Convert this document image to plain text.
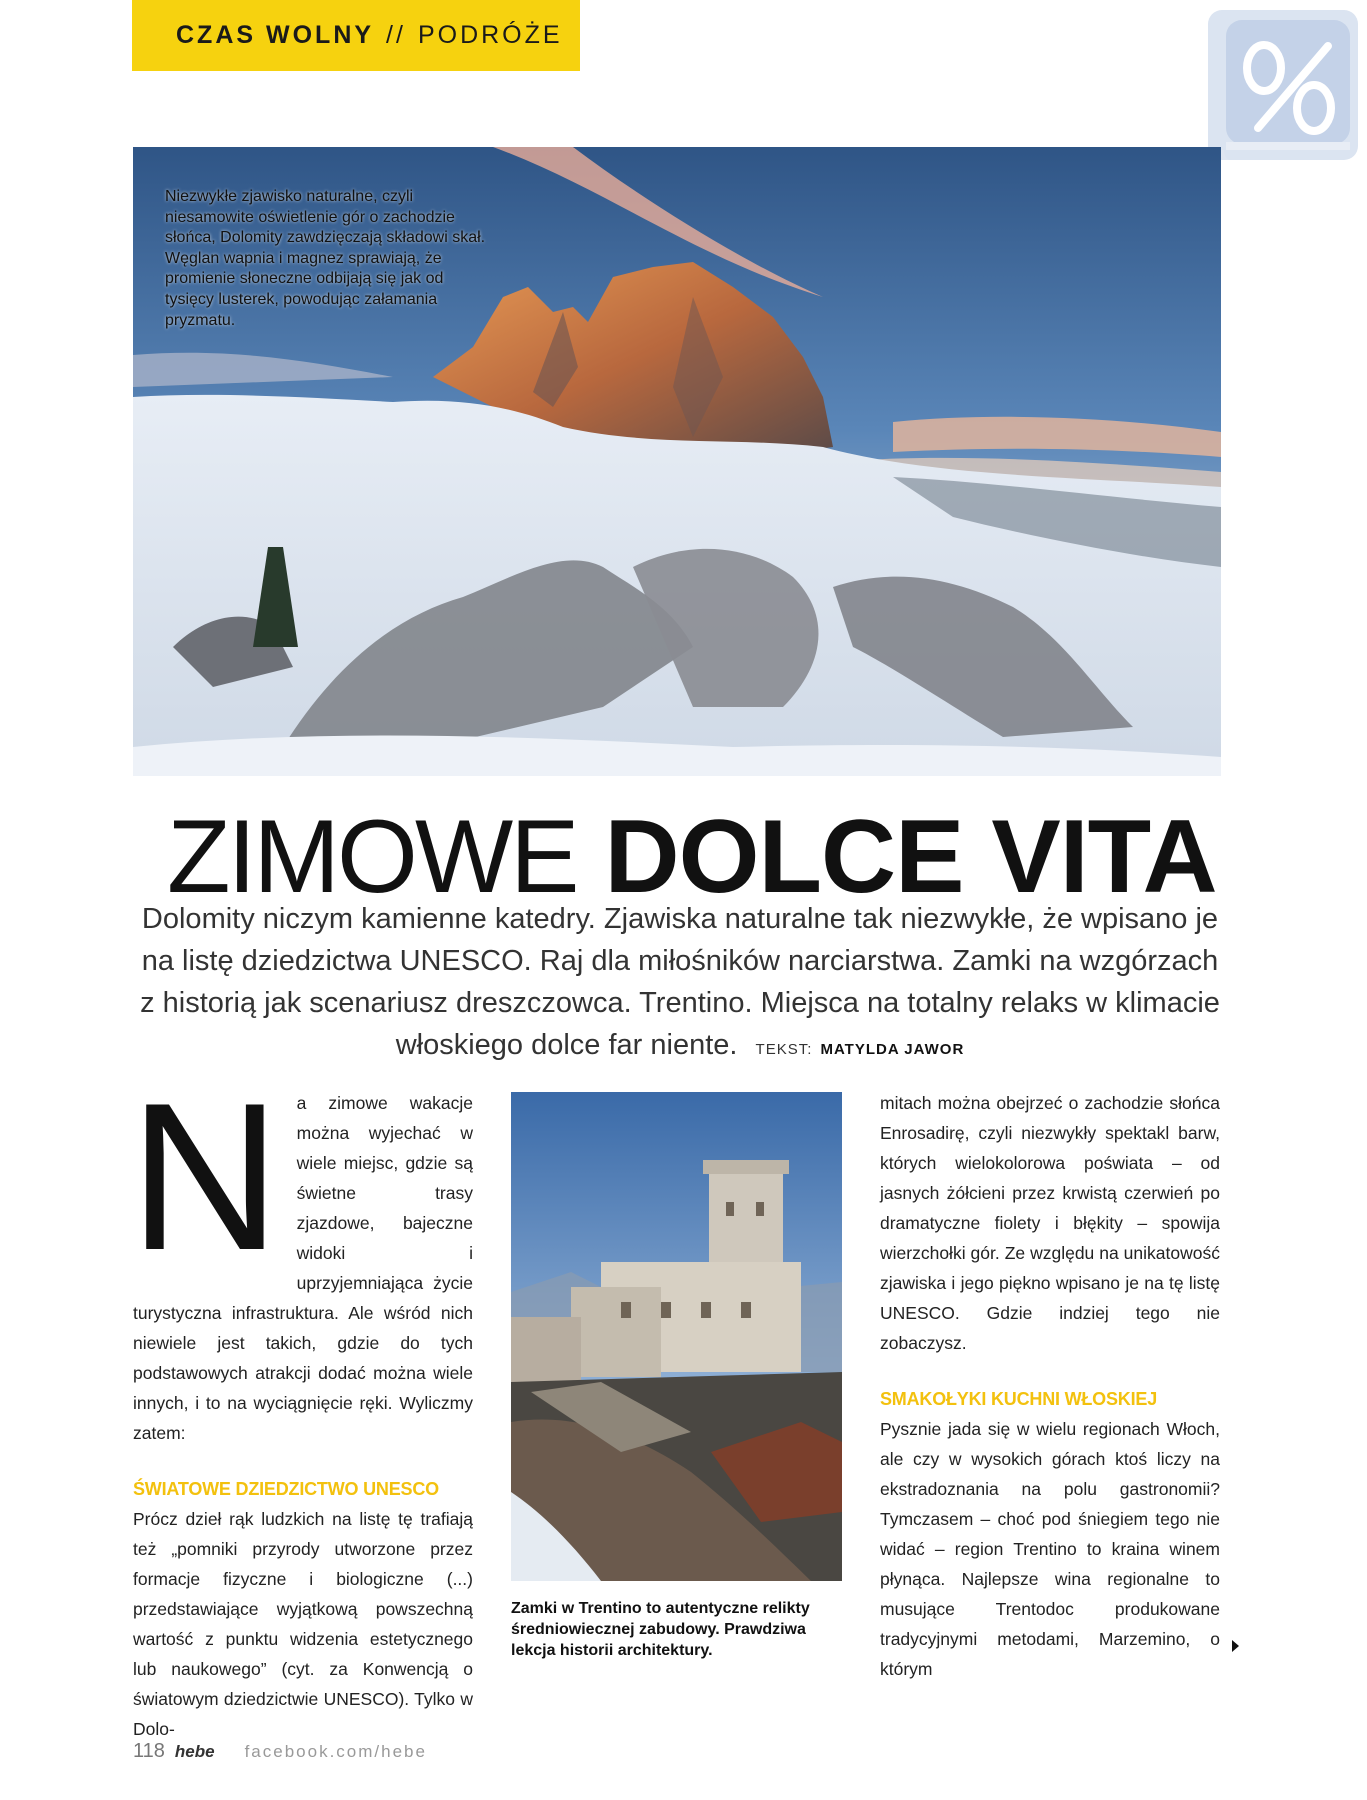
CZAS WOLNY // PODRÓŻE
Niezwykłe zjawisko naturalne, czyli niesamowite oświetlenie gór o zachodzie słońca, Dolomity zawdzięczają składowi skał. Węglan wapnia i magnez sprawiają, że promienie słoneczne odbijają się jak od tysięcy lusterek, powodując załamania pryzmatu.
ZIMOWE DOLCE VITA
Dolomity niczym kamienne katedry. Zjawiska naturalne tak niezwykłe, że wpisano je na listę dziedzictwa UNESCO. Raj dla miłośników narciarstwa. Zamki na wzgórzach z historią jak scenariusz dreszczowca. Trentino. Miejsca na totalny relaks w klimacie włoskiego dolce far niente. TEKST: MATYLDA JAWOR

Na zimowe wakacje można wyjechać w wiele miejsc, gdzie są świetne trasy zjazdowe, bajeczne widoki i uprzyjemniająca życie turystyczna infrastruktura. Ale wśród nich niewiele jest takich, gdzie do tych podstawowych atrakcji dodać można wiele innych, i to na wyciągnięcie ręki. Wyliczmy zatem:

ŚWIATOWE DZIEDZICTWO UNESCO

Prócz dzieł rąk ludzkich na listę tę trafiają też „pomniki przyrody utworzone przez formacje fizyczne i biologiczne (...) przedstawiające wyjątkową powszechną wartość z punktu widzenia estetycznego lub naukowego” (cyt. za Konwencją o światowym dziedzictwie UNESCO). Tylko w Dolo-

Zamki w Trentino to autentyczne relikty średniowiecznej zabudowy. Prawdziwa lekcja historii architektury.

mitach można obejrzeć o zachodzie słońca Enrosadirę, czyli niezwykły spektakl barw, których wielokolorowa poświata – od jasnych żółcieni przez krwistą czerwień po dramatyczne fiolety i błękity – spowija wierzchołki gór. Ze względu na unikatowość zjawiska i jego piękno wpisano je na tę listę UNESCO. Gdzie indziej tego nie zobaczysz.

SMAKOŁYKI KUCHNI WŁOSKIEJ

Pysznie jada się w wielu regionach Włoch, ale czy w wysokich górach ktoś liczy na ekstradoznania na polu gastronomii? Tymczasem – choć pod śniegiem tego nie widać – region Trentino to kraina winem płynąca. Najlepsze wina regionalne to musujące Trentodoc produkowane tradycyjnymi metodami, Marzemino, o którym

118 hebe facebook.com/hebe
